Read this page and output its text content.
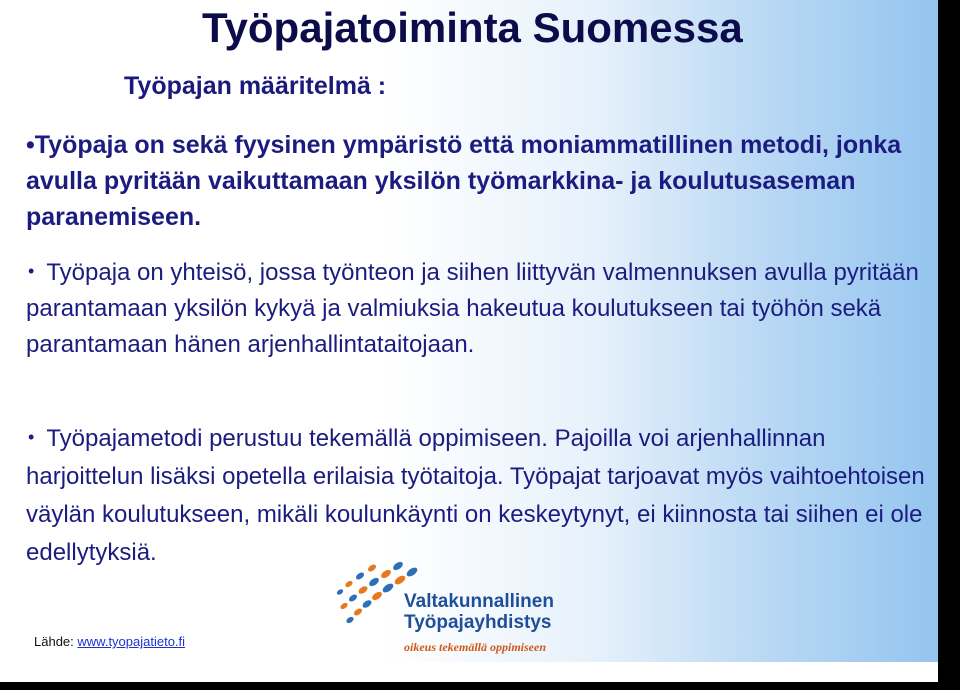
Työpajatoiminta Suomessa
Työpajan määritelmä :
•Työpaja on sekä fyysinen ympäristö että moniammatillinen metodi, jonka avulla pyritään vaikuttamaan yksilön työmarkkina- ja koulutusaseman paranemiseen.
• Työpaja on yhteisö, jossa työnteon ja siihen liittyvän valmennuksen avulla pyritään parantamaan yksilön kykyä ja valmiuksia hakeutua koulutukseen tai työhön sekä parantamaan hänen arjenhallintataitojaan.
• Työpajametodi perustuu tekemällä oppimiseen. Pajoilla voi arjenhallinnan harjoittelun lisäksi opetella erilaisia työtaitoja. Työpajat tarjoavat myös vaihtoehtoisen väylän koulutukseen, mikäli koulunkäynti on keskeytynyt, ei kiinnosta tai siihen ei ole edellytyksiä.
Valtakunnallinen
Työpajayhdistys
oikeus tekemällä oppimiseen
Lähde: www.tyopajatieto.fi
